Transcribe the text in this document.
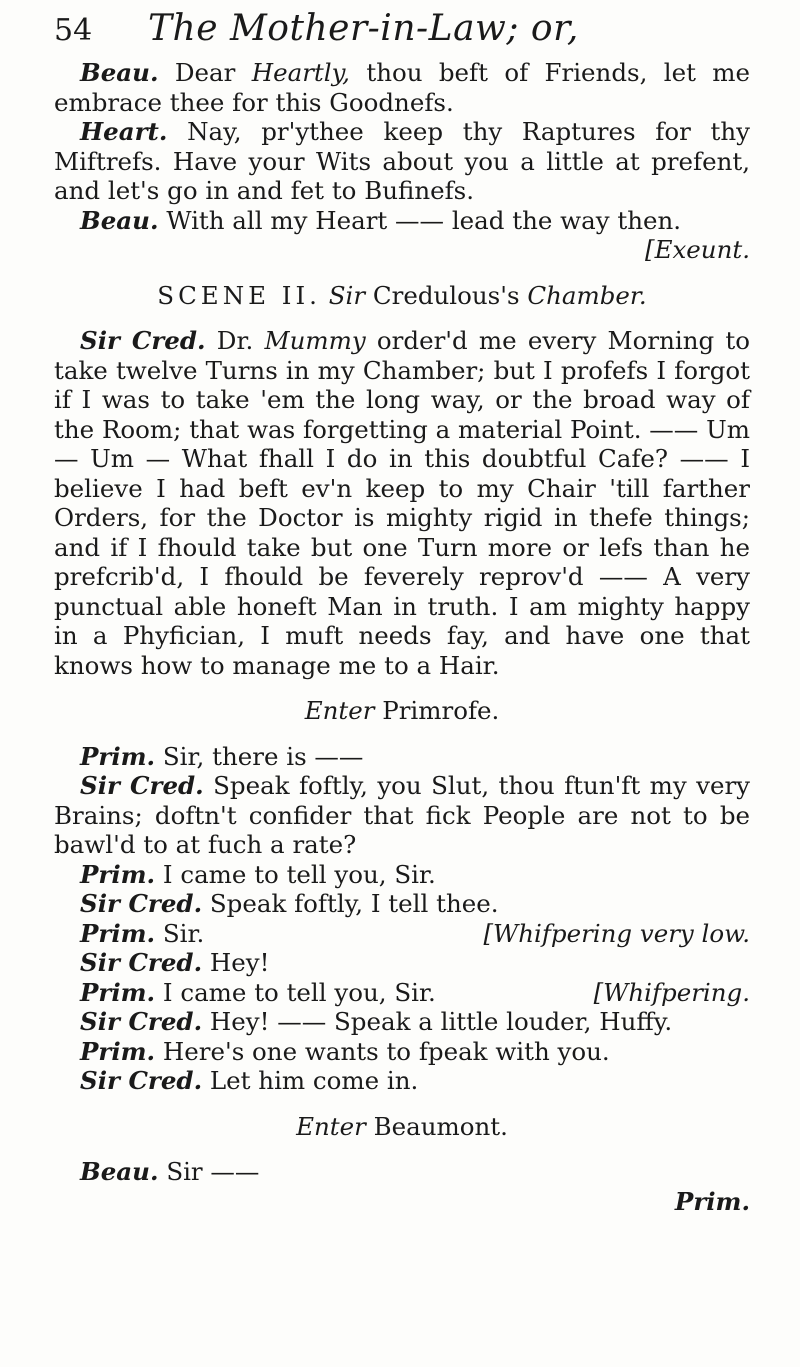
54	The Mother-in-Law; or,

Beau. Dear Heartly, thou beft of Friends, let me embrace thee for this Goodnefs.

Heart. Nay, pr'ythee keep thy Raptures for thy Miftrefs. Have your Wits about you a little at prefent, and let's go in and fet to Bufinefs.

Beau. With all my Heart —— lead the way then.

[Exeunt.

SCENE II. Sir Credulous's Chamber.

Sir Cred. Dr. Mummy order'd me every Morning to take twelve Turns in my Chamber; but I profefs I forgot if I was to take 'em the long way, or the broad way of the Room; that was forgetting a material Point. —— Um — Um — What fhall I do in this doubtful Cafe? —— I believe I had beft ev'n keep to my Chair 'till farther Orders, for the Doctor is mighty rigid in thefe things; and if I fhould take but one Turn more or lefs than he prefcrib'd, I fhould be feverely reprov'd —— A very punctual able honeft Man in truth. I am mighty happy in a Phyfician, I muft needs fay, and have one that knows how to manage me to a Hair.

Enter Primrofe.

Prim. Sir, there is ——

Sir Cred. Speak foftly, you Slut, thou ftun'ft my very Brains; doftn't confider that fick People are not to be bawl'd to at fuch a rate?

Prim. I came to tell you, Sir.

Sir Cred. Speak foftly, I tell thee.

Prim. Sir.	[Whifpering very low.

Sir Cred. Hey!

Prim. I came to tell you, Sir.	[Whifpering.

Sir Cred. Hey! —— Speak a little louder, Huffy.

Prim. Here's one wants to fpeak with you.

Sir Cred. Let him come in.

Enter Beaumont.

Beau. Sir ——

Prim.
